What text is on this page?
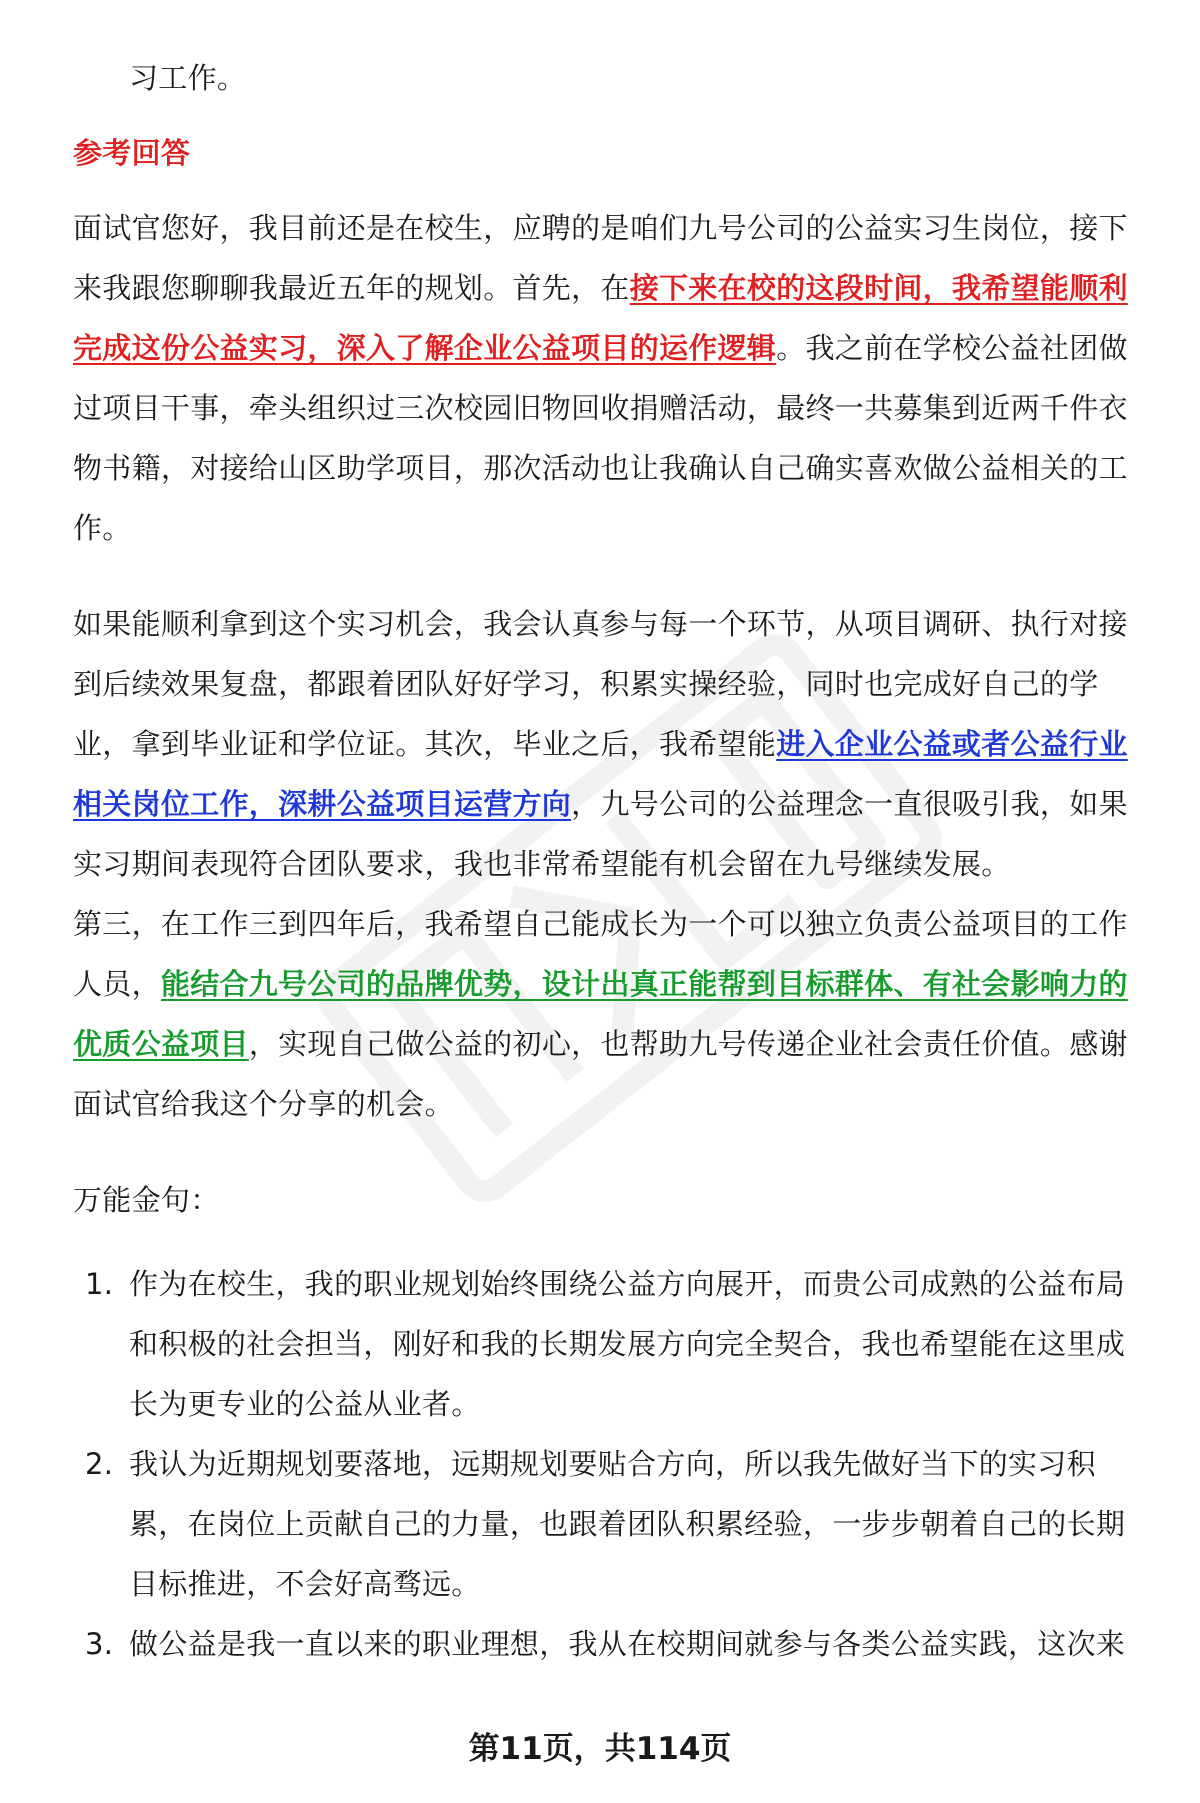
习工作。

参考回答

面试官您好，我目前还是在校生，应聘的是咱们九号公司的公益实习生岗位，接下来我跟您聊聊我最近五年的规划。首先，在接下来在校的这段时间，我希望能顺利完成这份公益实习，深入了解企业公益项目的运作逻辑。我之前在学校公益社团做过项目干事，牵头组织过三次校园旧物回收捐赠活动，最终一共募集到近两千件衣物书籍，对接给山区助学项目，那次活动也让我确认自己确实喜欢做公益相关的工作。

如果能顺利拿到这个实习机会，我会认真参与每一个环节，从项目调研、执行对接到后续效果复盘，都跟着团队好好学习，积累实操经验，同时也完成好自己的学业，拿到毕业证和学位证。其次，毕业之后，我希望能进入企业公益或者公益行业相关岗位工作，深耕公益项目运营方向，九号公司的公益理念一直很吸引我，如果实习期间表现符合团队要求，我也非常希望能有机会留在九号继续发展。

第三，在工作三到四年后，我希望自己能成长为一个可以独立负责公益项目的工作人员，能结合九号公司的品牌优势，设计出真正能帮到目标群体、有社会影响力的优质公益项目，实现自己做公益的初心，也帮助九号传递企业社会责任价值。感谢面试官给我这个分享的机会。

万能金句：

1. 作为在校生，我的职业规划始终围绕公益方向展开，而贵公司成熟的公益布局和积极的社会担当，刚好和我的长期发展方向完全契合，我也希望能在这里成长为更专业的公益从业者。
2. 我认为近期规划要落地，远期规划要贴合方向，所以我先做好当下的实习积累，在岗位上贡献自己的力量，也跟着团队积累经验，一步步朝着自己的长期目标推进，不会好高骛远。
3. 做公益是我一直以来的职业理想，我从在校期间就参与各类公益实践，这次来
第11页，共114页
